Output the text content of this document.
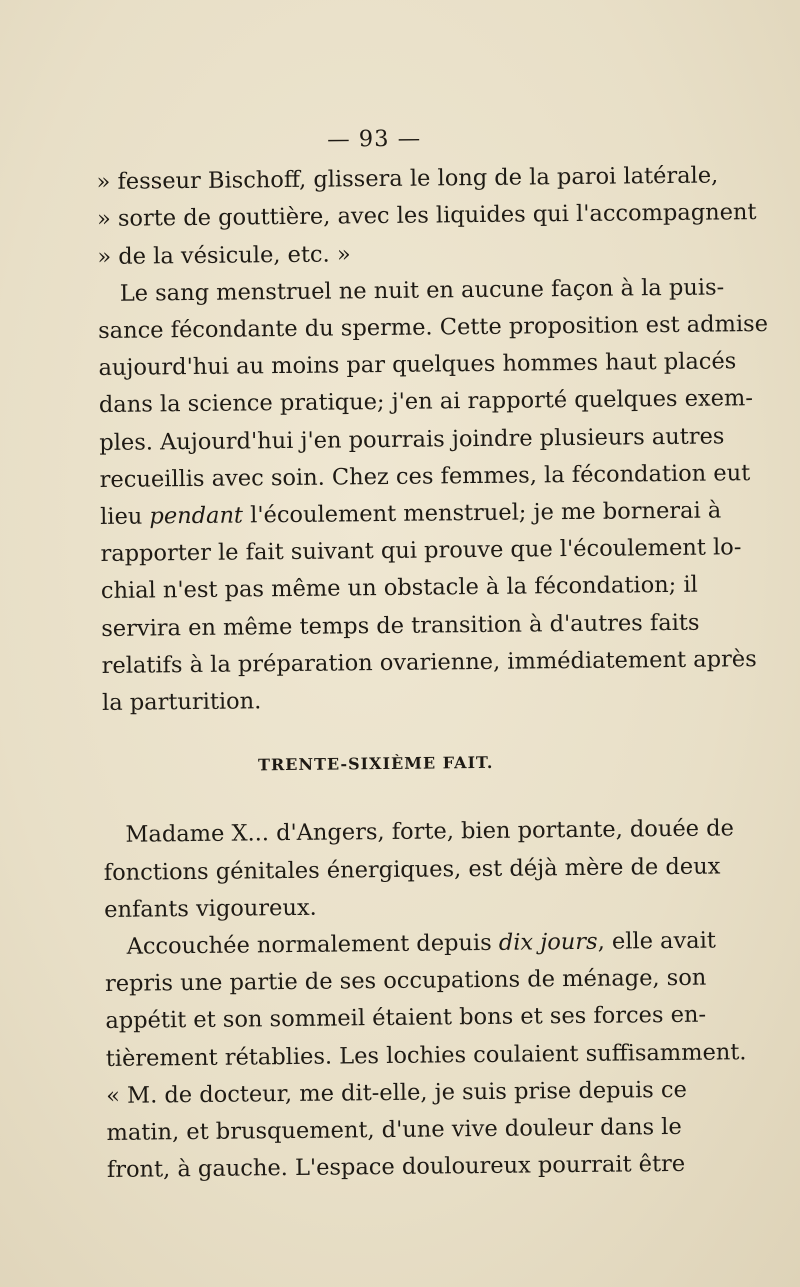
— 93 —
» fesseur Bischoff, glissera le long de la paroi latérale,
» sorte de gouttière, avec les liquides qui l'accompagnent
» de la vésicule, etc. »
Le sang menstruel ne nuit en aucune façon à la puis-
sance fécondante du sperme. Cette proposition est admise
aujourd'hui au moins par quelques hommes haut placés
dans la science pratique; j'en ai rapporté quelques exem-
ples. Aujourd'hui j'en pourrais joindre plusieurs autres
recueillis avec soin. Chez ces femmes, la fécondation eut
lieu pendant l'écoulement menstruel; je me bornerai à
rapporter le fait suivant qui prouve que l'écoulement lo-
chial n'est pas même un obstacle à la fécondation; il
servira en même temps de transition à d'autres faits
relatifs à la préparation ovarienne, immédiatement après
la parturition.
TRENTE-SIXIÈME FAIT.
Madame X... d'Angers, forte, bien portante, douée de
fonctions génitales énergiques, est déjà mère de deux
enfants vigoureux.
Accouchée normalement depuis dix jours, elle avait
repris une partie de ses occupations de ménage, son
appétit et son sommeil étaient bons et ses forces en-
tièrement rétablies. Les lochies coulaient suffisamment.
« M. de docteur, me dit-elle, je suis prise depuis ce
matin, et brusquement, d'une vive douleur dans le
front, à gauche. L'espace douloureux pourrait être
